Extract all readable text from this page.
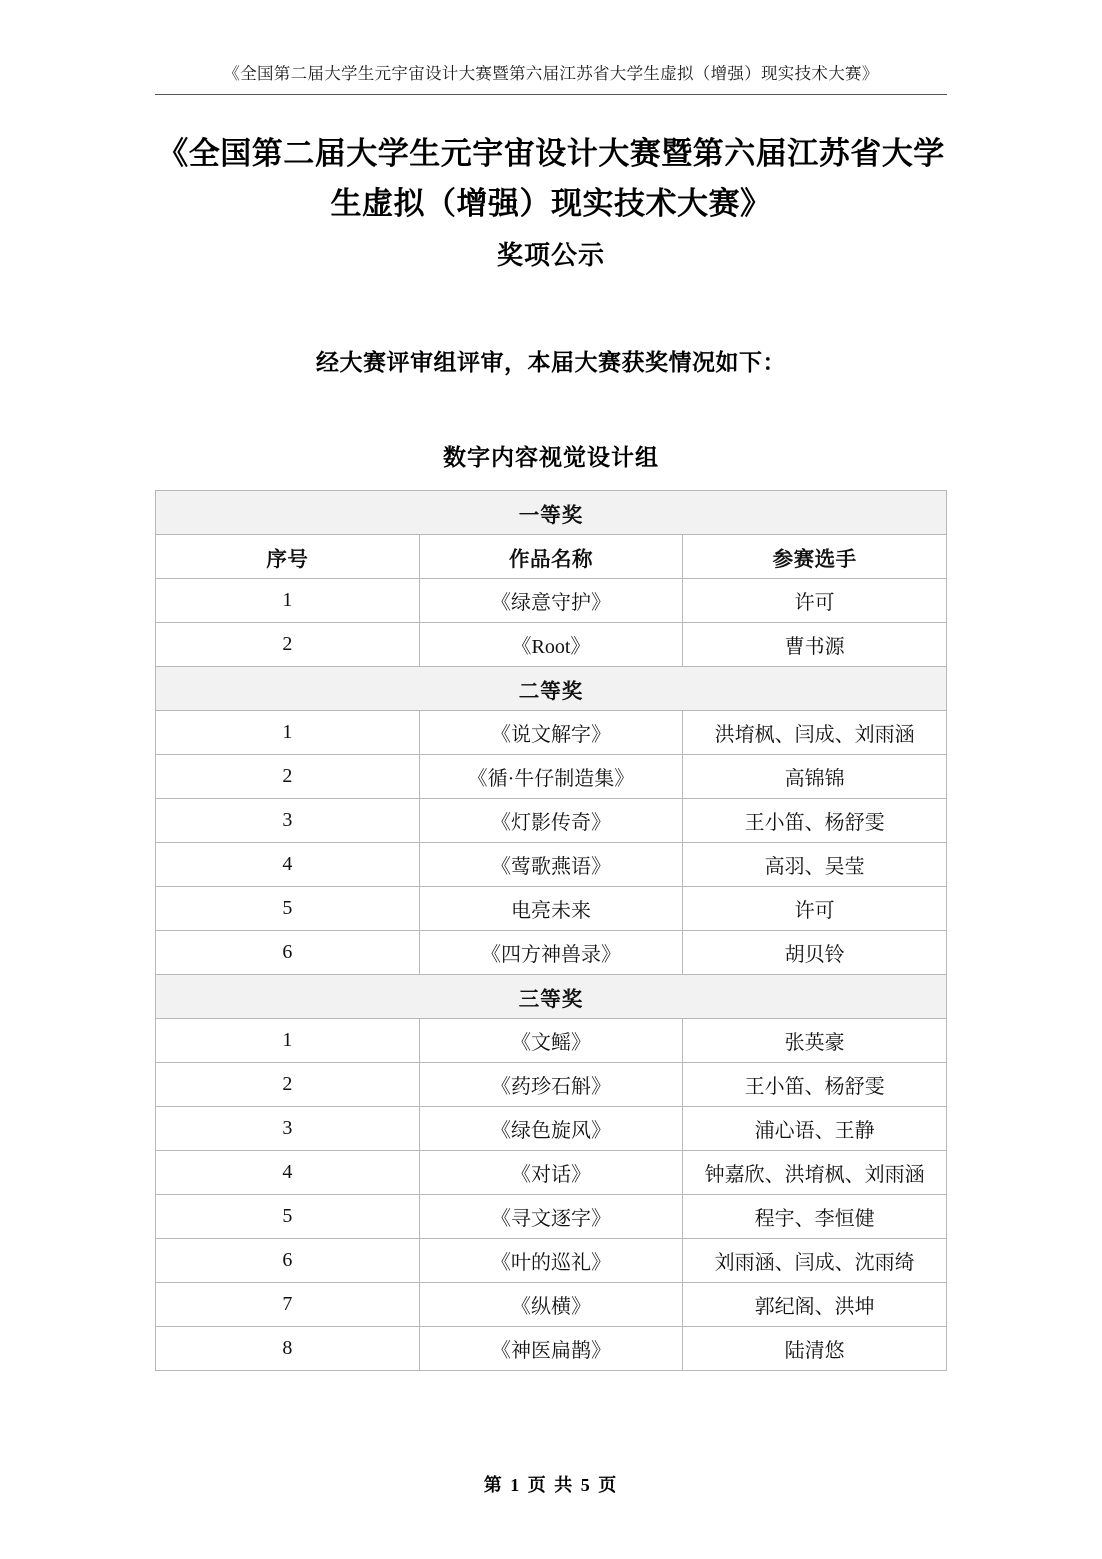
《全国第二届大学生元宇宙设计大赛暨第六届江苏省大学生虚拟（增强）现实技术大赛》
《全国第二届大学生元宇宙设计大赛暨第六届江苏省大学
生虚拟（增强）现实技术大赛》
奖项公示
经大赛评审组评审，本届大赛获奖情况如下：
数字内容视觉设计组
一等奖		
序号	作品名称	参赛选手
1	《绿意守护》	许可
2	《Root》	曹书源
二等奖		
1	《说文解字》	洪堉枫、闫成、刘雨涵
2	《循·牛仔制造集》	高锦锦
3	《灯影传奇》	王小笛、杨舒雯
4	《莺歌燕语》	高羽、吴莹
5	电亮未来	许可
6	《四方神兽录》	胡贝铃
三等奖		
1	《文鳐》	张英豪
2	《药珍石斛》	王小笛、杨舒雯
3	《绿色旋风》	浦心语、王静
4	《对话》	钟嘉欣、洪堉枫、刘雨涵
5	《寻文逐字》	程宇、李恒健
6	《叶的巡礼》	刘雨涵、闫成、沈雨绮
7	《纵横》	郭纪阁、洪坤
8	《神医扁鹊》	陆清悠
第 1 页 共 5 页
